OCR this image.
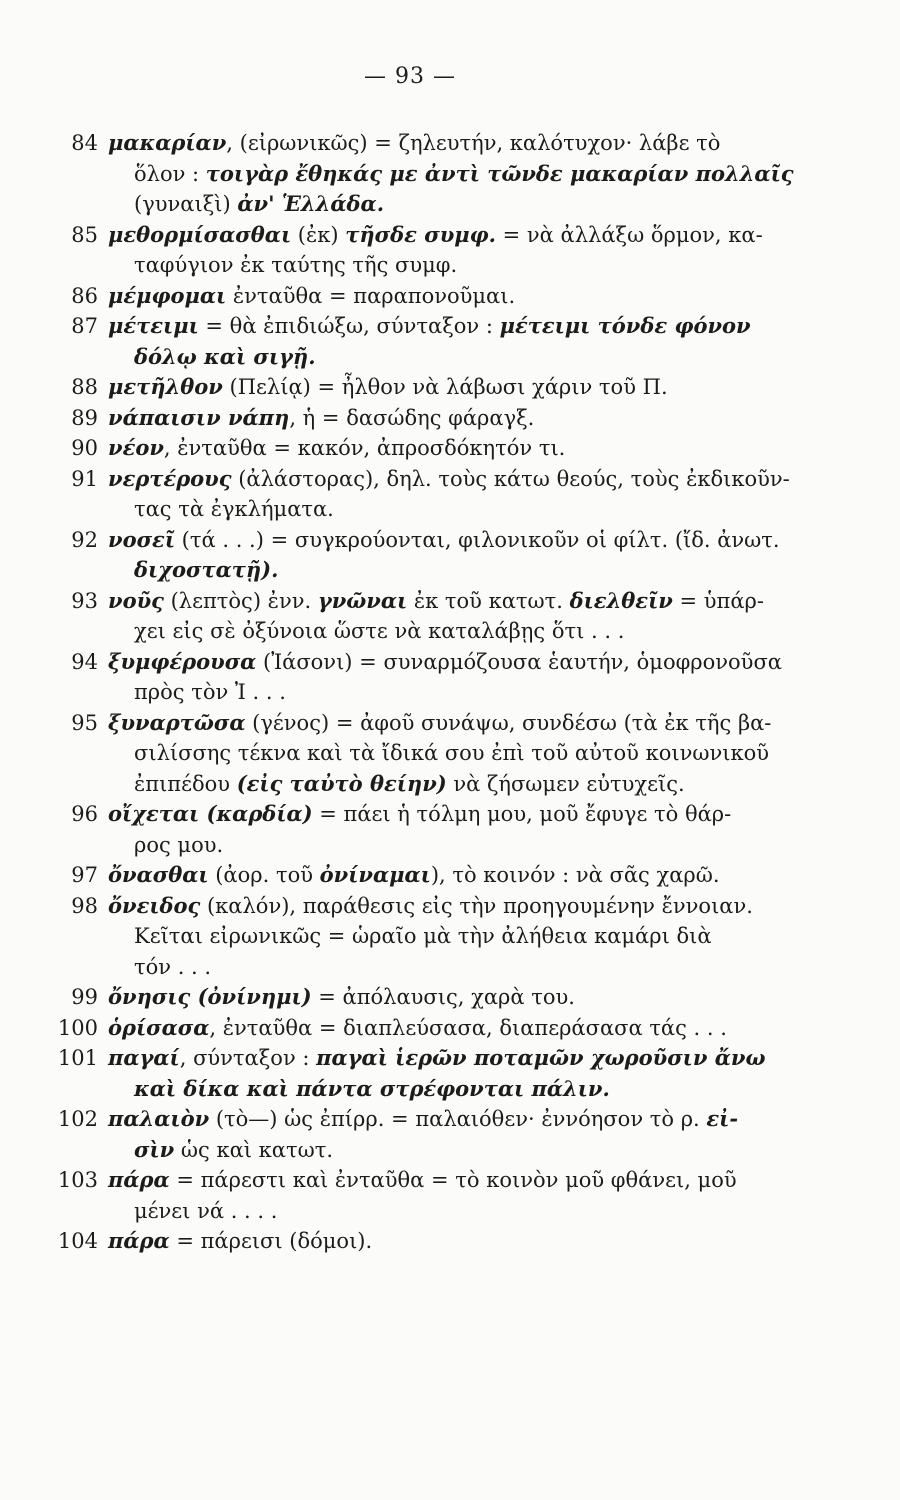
— 93 —
84 μακαρίαν, (εἰρωνικῶς) = ζηλευτήν, καλότυχον· λάβε τὸ
ὅλον : τοιγὰρ ἔθηκάς με ἀντὶ τῶνδε μακαρίαν πολλαῖς
(γυναιξὶ) ἀν' Ἑλλάδα.
85 μεθορμίσασθαι (ἐκ) τῆσδε συμφ. = νὰ ἀλλάξω ὅρμον, κα-
ταφύγιον ἐκ ταύτης τῆς συμφ.
86 μέμφομαι ἐνταῦθα = παραπονοῦμαι.
87 μέτειμι = θὰ ἐπιδιώξω, σύνταξον : μέτειμι τόνδε φόνον
δόλῳ καὶ σιγῇ.
88 μετῆλθον (Πελίᾳ) = ἦλθον νὰ λάβωσι χάριν τοῦ Π.
89 νάπαισιν νάπη, ἡ = δασώδης φάραγξ.
90 νέον, ἐνταῦθα = κακόν, ἀπροσδόκητόν τι.
91 νερτέρους (ἀλάστορας), δηλ. τοὺς κάτω θεούς, τοὺς ἐκδικοῦν-
τας τὰ ἐγκλήματα.
92 νοσεῖ (τά . . .) = συγκρούονται, φιλονικοῦν οἱ φίλτ. (ἴδ. ἀνωτ.
διχοστατῇ).
93 νοῦς (λεπτὸς) ἐνν. γνῶναι ἐκ τοῦ κατωτ. διελθεῖν = ὑπάρ-
χει εἰς σὲ ὀξύνοια ὥστε νὰ καταλάβῃς ὅτι . . .
94 ξυμφέρουσα (Ἰάσονι) = συναρμόζουσα ἑαυτήν, ὁμοφρονοῦσα
πρὸς τὸν Ἰ . . .
95 ξυναρτῶσα (γένος) = ἀφοῦ συνάψω, συνδέσω (τὰ ἐκ τῆς βα-
σιλίσσης τέκνα καὶ τὰ ἴδικά σου ἐπὶ τοῦ αὐτοῦ κοινωνικοῦ
ἐπιπέδου (εἰς ταὐτὸ θείην) νὰ ζήσωμεν εὐτυχεῖς.
96 οἴχεται (καρδία) = πάει ἡ τόλμη μου, μοῦ ἔφυγε τὸ θάρ-
ρος μου.
97 ὄνασθαι (ἀορ. τοῦ ὀνίναμαι), τὸ κοινόν : νὰ σᾶς χαρῶ.
98 ὄνειδος (καλόν), παράθεσις εἰς τὴν προηγουμένην ἔννοιαν.
Κεῖται εἰρωνικῶς = ὡραῖο μὰ τὴν ἀλήθεια καμάρι διὰ
τόν . . .
99 ὄνησις (ὀνίνημι) = ἀπόλαυσις, χαρὰ του.
100 ὁρίσασα, ἐνταῦθα = διαπλεύσασα, διαπεράσασα τάς . . .
101 παγαί, σύνταξον : παγαὶ ἱερῶν ποταμῶν χωροῦσιν ἄνω
καὶ δίκα καὶ πάντα στρέφονται πάλιν.
102 παλαιὸν (τὸ—) ὡς ἐπίρρ. = παλαιόθεν· ἐννόησον τὸ ρ. εἰ-
σὶν ὡς καὶ κατωτ.
103 πάρα = πάρεστι καὶ ἐνταῦθα = τὸ κοινὸν μοῦ φθάνει, μοῦ
μένει νά . . . .
104 πάρα = πάρεισι (δόμοι).
